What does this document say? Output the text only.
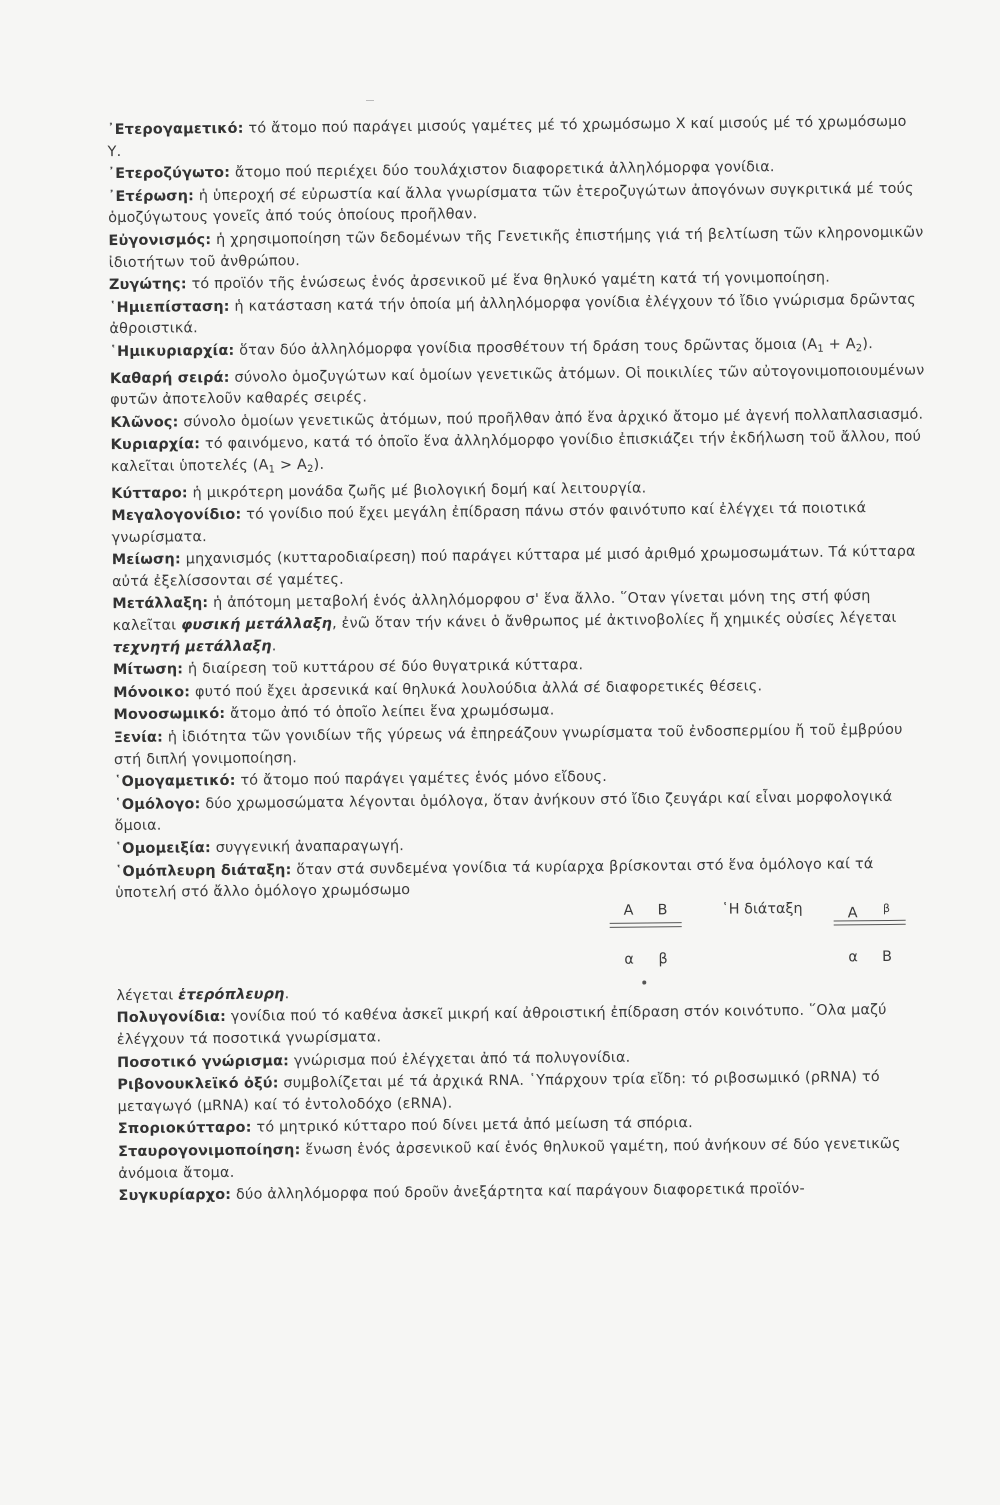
᾿Ετερογαμετικό: τό ἄτομο πού παράγει μισούς γαμέτες μέ τό χρωμόσωμο Χ καί μισούς μέ τό χρωμόσωμο Υ.

᾿Ετεροζύγωτο: ἄτομο πού περιέχει δύο τουλάχιστον διαφορετικά ἀλληλόμορφα γονίδια.

᾿Ετέρωση: ἡ ὑπεροχή σέ εὐρωστία καί ἄλλα γνωρίσματα τῶν ἑτεροζυγώτων ἀπογόνων συγκριτικά μέ τούς ὁμοζύγωτους γονεῖς ἀπό τούς ὁποίους προῆλθαν.

Εὐγονισμός: ἡ χρησιμοποίηση τῶν δεδομένων τῆς Γενετικῆς ἐπιστήμης γιά τή βελτίωση τῶν κληρονομικῶν ἰδιοτήτων τοῦ ἀνθρώπου.

Ζυγώτης: τό προϊόν τῆς ἑνώσεως ἑνός ἀρσενικοῦ μέ ἕνα θηλυκό γαμέτη κατά τή γονιμοποίηση.

῾Ημιεπίσταση: ἡ κατάσταση κατά τήν ὁποία μή ἀλληλόμορφα γονίδια ἐλέγχουν τό ἴδιο γνώρισμα δρῶντας ἀθροιστικά.

῾Ημικυριαρχία: ὅταν δύο ἀλληλόμορφα γονίδια προσθέτουν τή δράση τους δρῶντας ὅμοια $(A_1 + A_2)$.

Καθαρή σειρά: σύνολο ὁμοζυγώτων καί ὁμοίων γενετικῶς ἀτόμων. Οἱ ποικιλίες τῶν αὐτογονιμοποιουμένων φυτῶν ἀποτελοῦν καθαρές σειρές.

Κλῶνος: σύνολο ὁμοίων γενετικῶς ἀτόμων, πού προῆλθαν ἀπό ἕνα ἀρχικό ἄτομο μέ ἀγενή πολλαπλασιασμό.

Κυριαρχία: τό φαινόμενο, κατά τό ὁποῖο ἕνα ἀλληλόμορφο γονίδιο ἐπισκιάζει τήν ἐκδήλωση τοῦ ἄλλου, πού καλεῖται ὑποτελές $(A_1 > A_2)$.

Κύτταρο: ἡ μικρότερη μονάδα ζωῆς μέ βιολογική δομή καί λειτουργία.

Μεγαλογονίδιο: τό γονίδιο πού ἔχει μεγάλη ἐπίδραση πάνω στόν φαινότυπο καί ἐλέγχει τά ποιοτικά γνωρίσματα.

Μείωση: μηχανισμός (κυτταροδιαίρεση) πού παράγει κύτταρα μέ μισό ἀριθμό χρωμοσωμάτων. Τά κύτταρα αὐτά ἐξελίσσονται σέ γαμέτες.

Μετάλλαξη: ἡ ἀπότομη μεταβολή ἑνός ἀλληλόμορφου σ' ἕνα ἄλλο. ῞Οταν γίνεται μόνη της στή φύση καλεῖται φυσική μετάλλαξη, ἐνῶ ὅταν τήν κάνει ὁ ἄνθρωπος μέ ἀκτινοβολίες ἤ χημικές οὐσίες λέγεται τεχνητή μετάλλαξη.

Μίτωση: ἡ διαίρεση τοῦ κυττάρου σέ δύο θυγατρικά κύτταρα.

Μόνοικο: φυτό πού ἔχει ἀρσενικά καί θηλυκά λουλούδια ἀλλά σέ διαφορετικές θέσεις.

Μονοσωμικό: ἄτομο ἀπό τό ὁποῖο λείπει ἕνα χρωμόσωμα.

Ξενία: ἡ ἰδιότητα τῶν γονιδίων τῆς γύρεως νά ἐπηρεάζουν γνωρίσματα τοῦ ἐνδοσπερμίου ἤ τοῦ ἐμβρύου στή διπλή γονιμοποίηση.

῾Ομογαμετικό: τό ἄτομο πού παράγει γαμέτες ἑνός μόνο εἴδους.

῾Ομόλογο: δύο χρωμοσώματα λέγονται ὁμόλογα, ὅταν ἀνήκουν στό ἴδιο ζευγάρι καί εἶναι μορφολογικά ὅμοια.

῾Ομομειξία: συγγενική ἀναπαραγωγή.

῾Ομόπλευρη διάταξη: ὅταν στά συνδεμένα γονίδια τά κυρίαρχα βρίσκονται στό ἕνα ὁμόλογο καί τά ὑποτελή στό ἄλλο ὁμόλογο χρωμόσωμο

Α Β
α β
῾Η διάταξη	Α β
α Β

λέγεται ἑτερόπλευρη.

Πολυγονίδια: γονίδια πού τό καθένα ἀσκεῖ μικρή καί ἀθροιστική ἐπίδραση στόν κοινότυπο. ῞Ολα μαζύ ἐλέγχουν τά ποσοτικά γνωρίσματα.

Ποσοτικό γνώρισμα: γνώρισμα πού ἐλέγχεται ἀπό τά πολυγονίδια.

Ριβονουκλεϊκό ὀξύ: συμβολίζεται μέ τά ἀρχικά RNA. ῾Υπάρχουν τρία εἴδη: τό ριβοσωμικό (ρRNA) τό μεταγωγό (μRNA) καί τό ἐντολοδόχο (εRNA).

Σποριοκύτταρο: τό μητρικό κύτταρο πού δίνει μετά ἀπό μείωση τά σπόρια.

Σταυρογονιμοποίηση: ἕνωση ἑνός ἀρσενικοῦ καί ἑνός θηλυκοῦ γαμέτη, πού ἀνήκουν σέ δύο γενετικῶς ἀνόμοια ἄτομα.

Συγκυρίαρχο: δύο ἀλληλόμορφα πού δροῦν ἀνεξάρτητα καί παράγουν διαφορετικά προϊόν-
